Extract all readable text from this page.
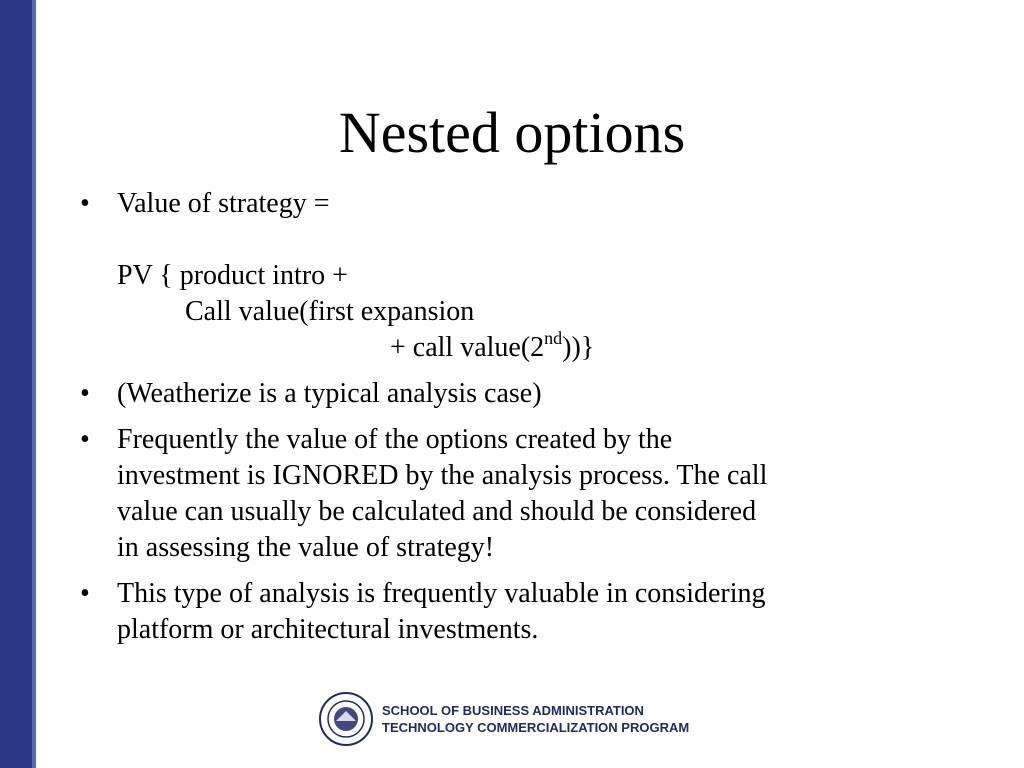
Nested options
• Value of strategy =
PV { product intro +
Call value(first expansion
+ call value(2nd))}
• (Weatherize is a typical analysis case)
• Frequently the value of the options created by the
investment is IGNORED by the analysis process. The call
value can usually be calculated and should be considered
in assessing the value of strategy!
• This type of analysis is frequently valuable in considering
platform or architectural investments.
SCHOOL OF BUSINESS ADMINISTRATION
TECHNOLOGY COMMERCIALIZATION PROGRAM
